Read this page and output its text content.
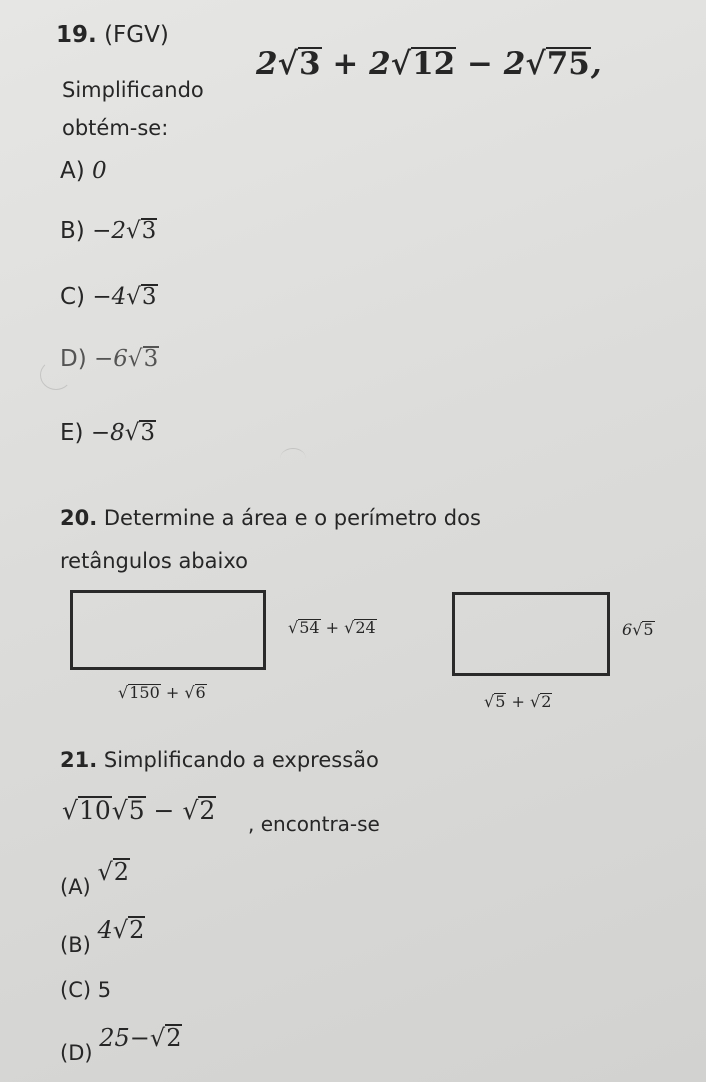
19. (FGV)
Simplificando
2√3 + 2√12 − 2√75,
obtém-se:
A) 0
B) −2√3
C) −4√3
D) −6√3
E) −8√3
20. Determine a área e o perímetro dos
retângulos abaixo
√54 + √24
√150 + √6
6√5
√5 + √2
21. Simplificando a expressão
√10√5 − √2 , encontra-se
(A) √2
(B) 4√2
(C) 5
(D) 25−√2
